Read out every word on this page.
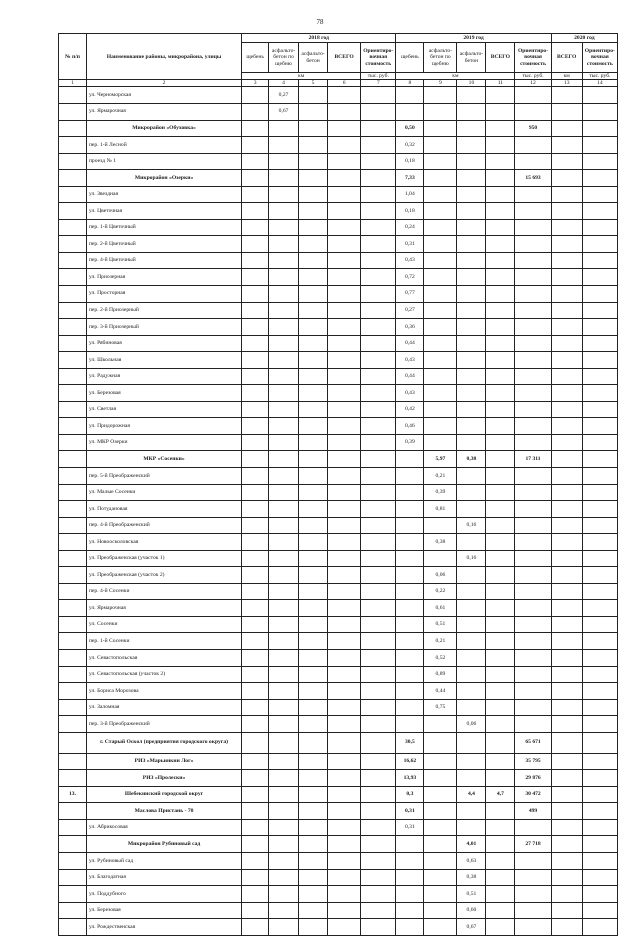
78
№ п/п	Наименование районы, микрорайона, улицы	2018 год					2019 год					2020 год	
		щебень	асфальто-бетон по щебню	асфальто-бетон	ВСЕГО	Ориентиро-вочная стоимость	щебень	асфальто-бетон по щебню	асфальто-бетон	ВСЕГО	Ориентиро-вочная стоимость	ВСЕГО	Ориентиро-вочная стоимость
		км				тыс. руб.	км				тыс. руб.	км	тыс. руб.
1	2	3	4	5	6	7	8	9	10	11	12	13	14
	ул. Черноморская		0,27										
	ул. Ярмарочная		0,67										
	Микрорайон «Обуховка»						0,50				950		
	пер. 1-й Лесной						0,32						
	проезд № 1						0,18						
	Микрорайон «Озерки»						7,33				15 693		
	ул. Звездная						1,04						
	ул. Цветочная						0,18						
	пер. 1-й Цветочный						0,24						
	пер. 2-й Цветочный						0,31						
	пер. 4-й Цветочный						0,43						
	ул. Приозерная						0,72						
	ул. Просторная						0,77						
	пер. 2-й Приозерный						0,27						
	пер. 3-й Приозерный						0,36						
	ул. Рябиновая						0,44						
	ул. Школьная						0,43						
	ул. Радужная						0,44						
	ул. Березовая						0,43						
	ул. Светлая						0,42						
	ул. Придорожная						0,46						
	ул. МКР Озерки						0,39						
	МКР «Сосенки»							5,97	0,38		17 311		
	пер. 5-й Преображенский							0,21					
	ул. Малые Сосенки							0,39					
	ул. Потудановая							0,81					
	пер. 4-й Преображенский								0,16				
	ул. Новоосколовская							0,38					
	ул. Преображенская (участок 1)								0,16				
	ул. Преображенская (участок 2)							0,06					
	пер. 4-й Сосенки							0,22					
	ул. Ярмарочная							0,61					
	ул. Сосенки							0,51					
	пер. 1-й Сосенки							0,21					
	ул. Севастопольская							0,52					
	ул. Севастопольская (участок 2)							0,89					
	ул. Бориса Морозова							0,44					
	ул. Заломная							0,75					
	пер. 3-й Преображенский								0,06				
	г. Старый Оскол (предприятия городского округа)						30,5				65 671		
	РИЗ «Марьинкин Лог»						16,62				35 795		
	РИЗ «Пролески»						13,93				29 876		
13.	Шебекинский городской округ						0,3		4,4	4,7	30 472		
	Масловa Пристань - 70						0,31				499		
	ул. Абрикосовая						0,31						
	Микрорайон Рубиновый сад								4,01		27 718		
	ул. Рубиновый сад								0,63				
	ул. Благодатная								0,38				
	ул. Поддубного								0,51				
	ул. Березовая								0,60				
	ул. Рождественская								0,67				
